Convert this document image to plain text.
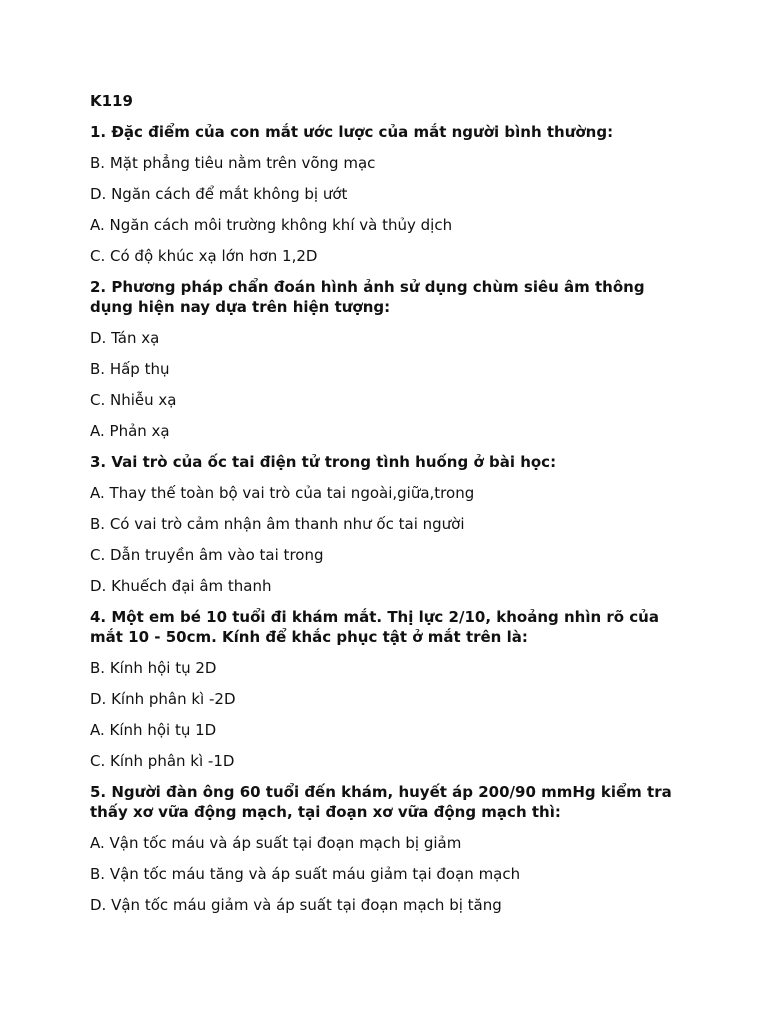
K119
1. Đặc điểm của con mắt ước lược của mắt người bình thường:
B. Mặt phẳng tiêu nằm trên võng mạc
D. Ngăn cách để mắt không bị ướt
A. Ngăn cách môi trường không khí và thủy dịch
C. Có độ khúc xạ lớn hơn 1,2D
2. Phương pháp chẩn đoán hình ảnh sử dụng chùm siêu âm thông dụng hiện nay dựa trên hiện tượng:
D. Tán xạ
B. Hấp thụ
C. Nhiễu xạ
A. Phản xạ
3. Vai trò của ốc tai điện tử trong tình huống ở bài học:
A. Thay thế toàn bộ vai trò của tai ngoài,giữa,trong
B. Có vai trò cảm nhận âm thanh như ốc tai người
C. Dẫn truyền âm vào tai trong
D. Khuếch đại âm thanh
4. Một em bé 10 tuổi đi khám mắt. Thị lực 2/10, khoảng nhìn rõ của mắt 10 - 50cm. Kính để khắc phục tật ở mắt trên là:
B. Kính hội tụ 2D
D. Kính phân kì -2D
A. Kính hội tụ 1D
C. Kính phân kì -1D
5. Người đàn ông 60 tuổi đến khám, huyết áp 200/90 mmHg kiểm tra thấy xơ vữa động mạch, tại đoạn xơ vữa động mạch thì:
A. Vận tốc máu và áp suất tại đoạn mạch bị giảm
B. Vận tốc máu tăng và áp suất máu giảm tại đoạn mạch
D. Vận tốc máu giảm và áp suất tại đoạn mạch bị tăng
